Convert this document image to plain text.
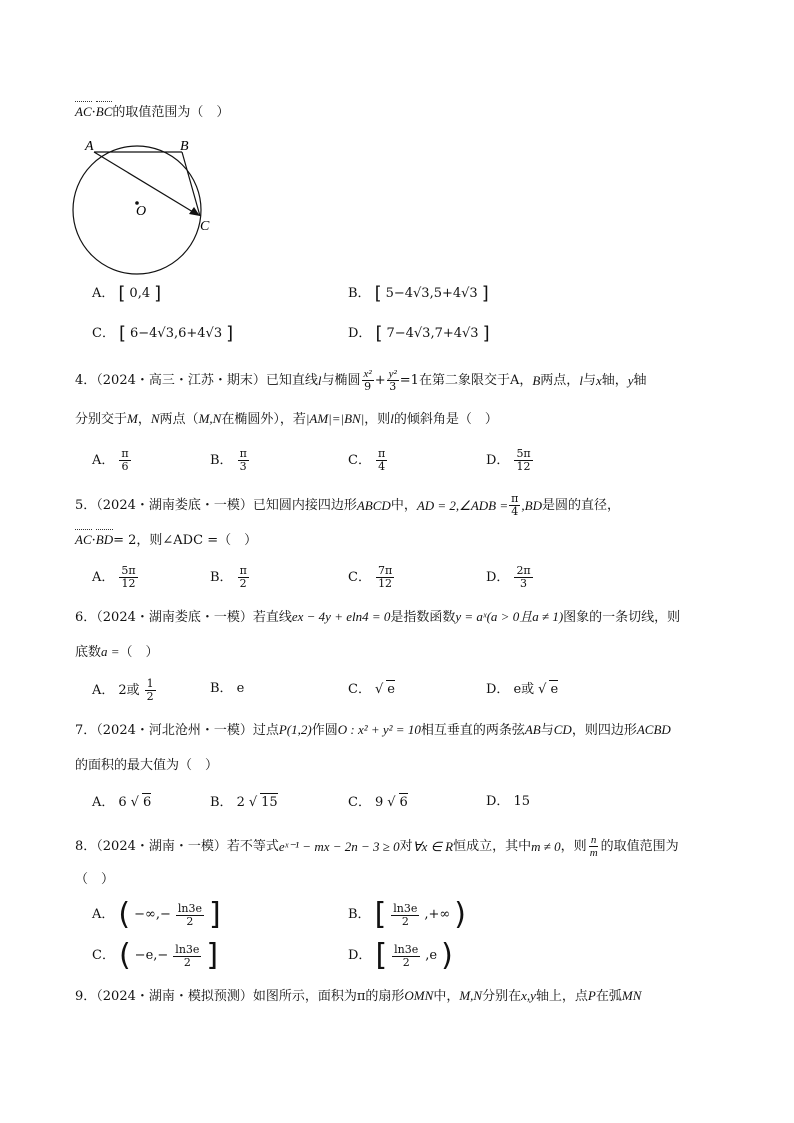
AC·BC的取值范围为（　）
A	B
O
C
A． [ 0,4 ]	B． [ 5−4√3,5+4√3 ]
C． [ 6−4√3,6+4√3 ]	D． [ 7−4√3,7+4√3 ]
4．（2024・高三・江苏・期末）已知直线 l 与椭圆 $\frac{\text{x²}}{9} + \frac{\text{y²}}{3} =1$ 在第二象限交于A， B 两点， l 与 x 轴， y 轴
分别交于M，N两点（M,N在椭圆外），若|AM|=|BN|，则l的倾斜角是（　）
A． $\frac{\pi}{6}$	B． $\frac{\pi}{3}$	C． $\frac{\pi}{4}$	D． $\frac{5\pi}{12}$
5．（2024・湖南娄底・一模）已知圆内接四边形 ABCD 中， AD = 2,∠ADB = $\frac{\pi}{4} ,BD$ 是圆的直径，
AC·BD= 2，则∠ADC =（　）
A． $\frac{5\pi}{12}$	B． $\frac{\pi}{2}$	C． $\frac{7\pi}{12}$	D． $\frac{2\pi}{3}$
6．（2024・湖南娄底・一模）若直线ex − 4y + eln4 = 0是指数函数y = aˣ(a > 0且a ≠ 1)图象的一条切线，则
底数a =（　）
A． 2或 $\frac{1}{2}$	B． e	C． √ e	D． e或 √ e
7．（2024・河北沧州・一模）过点P(1,2)作圆O : x² + y² = 10相互垂直的两条弦AB与CD，则四边形ACBD
的面积的最大值为（　）
A． 6 √ 6	B． 2 √ 15	C． 9 √ 6	D． 15
8．（2024・湖南・一模）若不等式 eˣ⁻¹ − mx − 2n − 3 ≥ 0 对 ∀x ∈ R 恒成立，其中 m ≠ 0 ，则 $\frac{n}{m}$ 的取值范围为
（　）
A． ( −∞,− $\frac{\ln 3e}{2}$ ]	B． [ $\frac{\ln 3e}{2}$ ,+∞ )
C． ( $-e,- \frac{\ln 3e}{2}$ ]	D． [ $\frac{\ln 3e}{2} ,e$ )
9．（2024・湖南・模拟预测）如图所示，面积为π的扇形OMN中，M,N分别在x,y轴上，点P在弧MN
